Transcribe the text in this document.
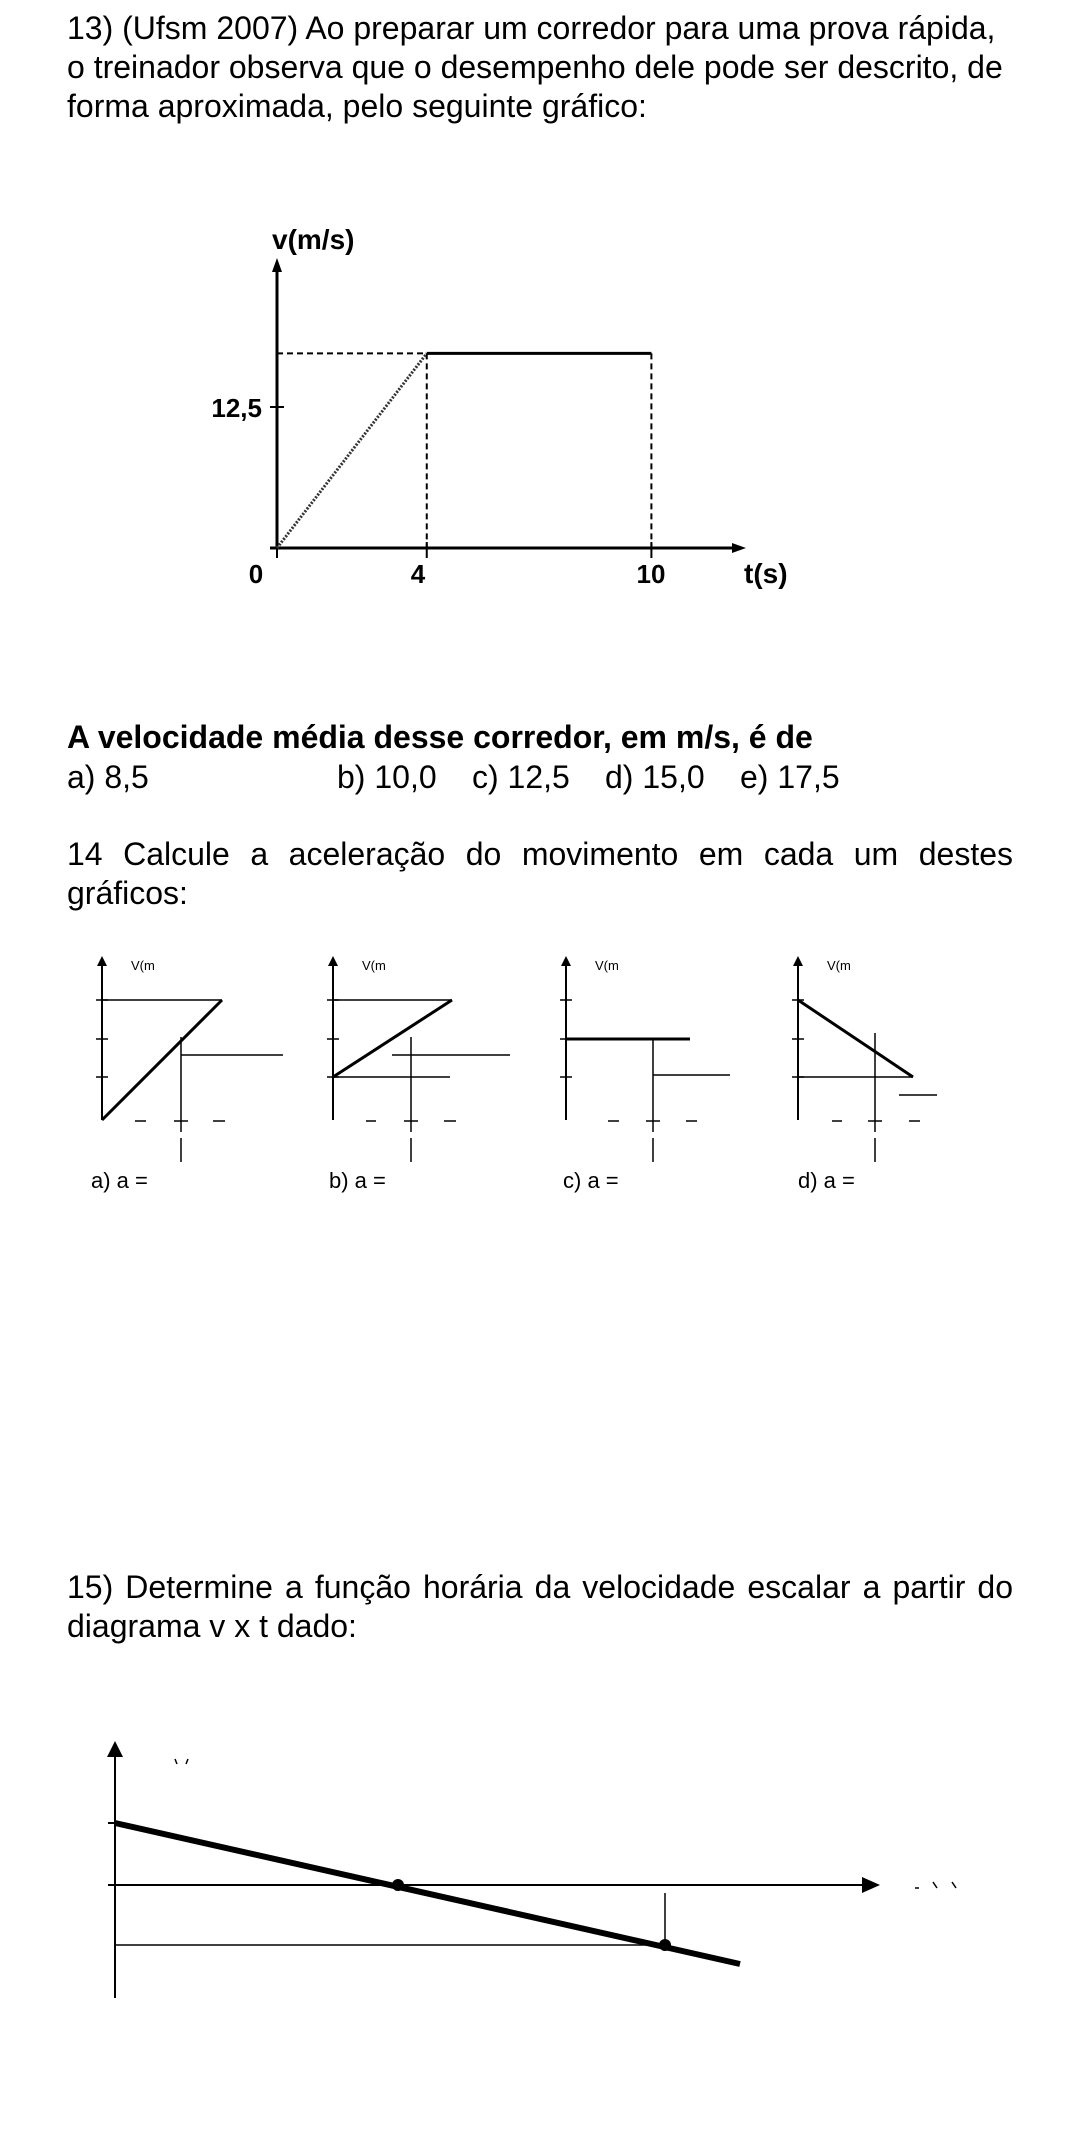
13) (Ufsm 2007) Ao preparar um corredor para uma prova rápida, o treinador observa que o desempenho dele pode ser descrito, de forma aproximada, pelo seguinte gráfico:
v(m/s)
t(s)
12,5
0	4	10
A velocidade média desse corredor, em m/s, é de
a) 8,5	b) 10,0 c) 12,5 d) 15,0 e) 17,5
14 Calcule a aceleração do movimento em cada um destes gráficos:
V(m
a) a =
V(m
b) a =
V(m
c) a =
V(m
d) a =
15) Determine a função horária da velocidade escalar a partir do diagrama v x t dado:
